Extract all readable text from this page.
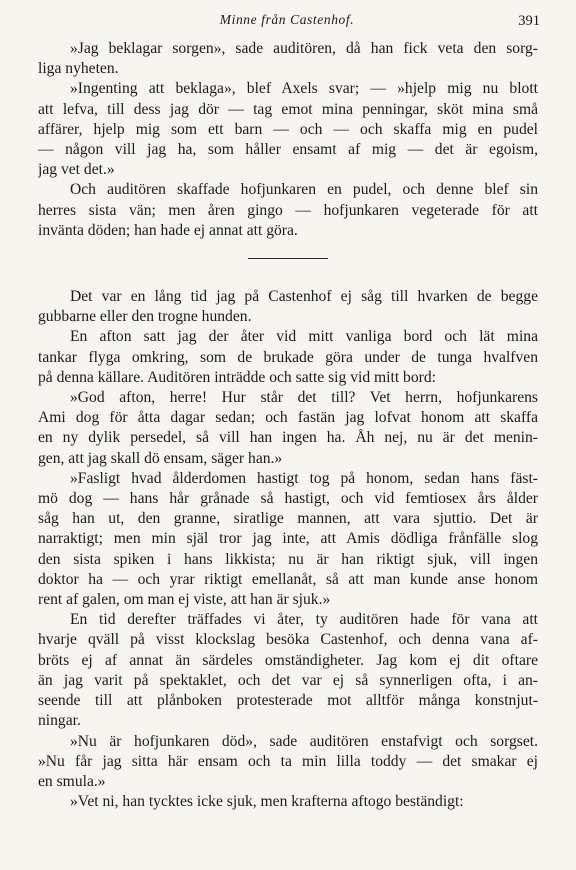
Minne från Castenhof.	391

»Jag beklagar sorgen», sade auditören, då han fick veta den sorg-
liga nyheten.

»Ingenting att beklaga», blef Axels svar; — »hjelp mig nu blott
att lefva, till dess jag dör — tag emot mina penningar, sköt mina små
affärer, hjelp mig som ett barn — och — och skaffa mig en pudel
— någon vill jag ha, som håller ensamt af mig — det är egoism,
jag vet det.»

Och auditören skaffade hofjunkaren en pudel, och denne blef sin
herres sista vän; men åren gingo — hofjunkaren vegeterade för att
invänta döden; han hade ej annat att göra.

Det var en lång tid jag på Castenhof ej såg till hvarken de begge
gubbarne eller den trogne hunden.

En afton satt jag der åter vid mitt vanliga bord och lät mina
tankar flyga omkring, som de brukade göra under de tunga hvalfven
på denna källare. Auditören inträdde och satte sig vid mitt bord:

»God afton, herre! Hur står det till? Vet herrn, hofjunkarens
Ami dog för åtta dagar sedan; och fastän jag lofvat honom att skaffa
en ny dylik persedel, så vill han ingen ha. Åh nej, nu är det menin-
gen, att jag skall dö ensam, säger han.»

»Fasligt hvad ålderdomen hastigt tog på honom, sedan hans fäst-
mö dog — hans hår grånade så hastigt, och vid femtiosex års ålder
såg han ut, den granne, siratlige mannen, att vara sjuttio. Det är
narraktigt; men min själ tror jag inte, att Amis dödliga frånfälle slog
den sista spiken i hans likkista; nu är han riktigt sjuk, vill ingen
doktor ha — och yrar riktigt emellanåt, så att man kunde anse honom
rent af galen, om man ej viste, att han är sjuk.»

En tid derefter träffades vi åter, ty auditören hade för vana att
hvarje qväll på visst klockslag besöka Castenhof, och denna vana af-
bröts ej af annat än särdeles omständigheter. Jag kom ej dit oftare
än jag varit på spektaklet, och det var ej så synnerligen ofta, i an-
seende till att plånboken protesterade mot alltför många konstnjut-
ningar.

»Nu är hofjunkaren död», sade auditören enstafvigt och sorgset.
»Nu får jag sitta här ensam och ta min lilla toddy — det smakar ej
en smula.»

»Vet ni, han tycktes icke sjuk, men krafterna aftogo beständigt:
